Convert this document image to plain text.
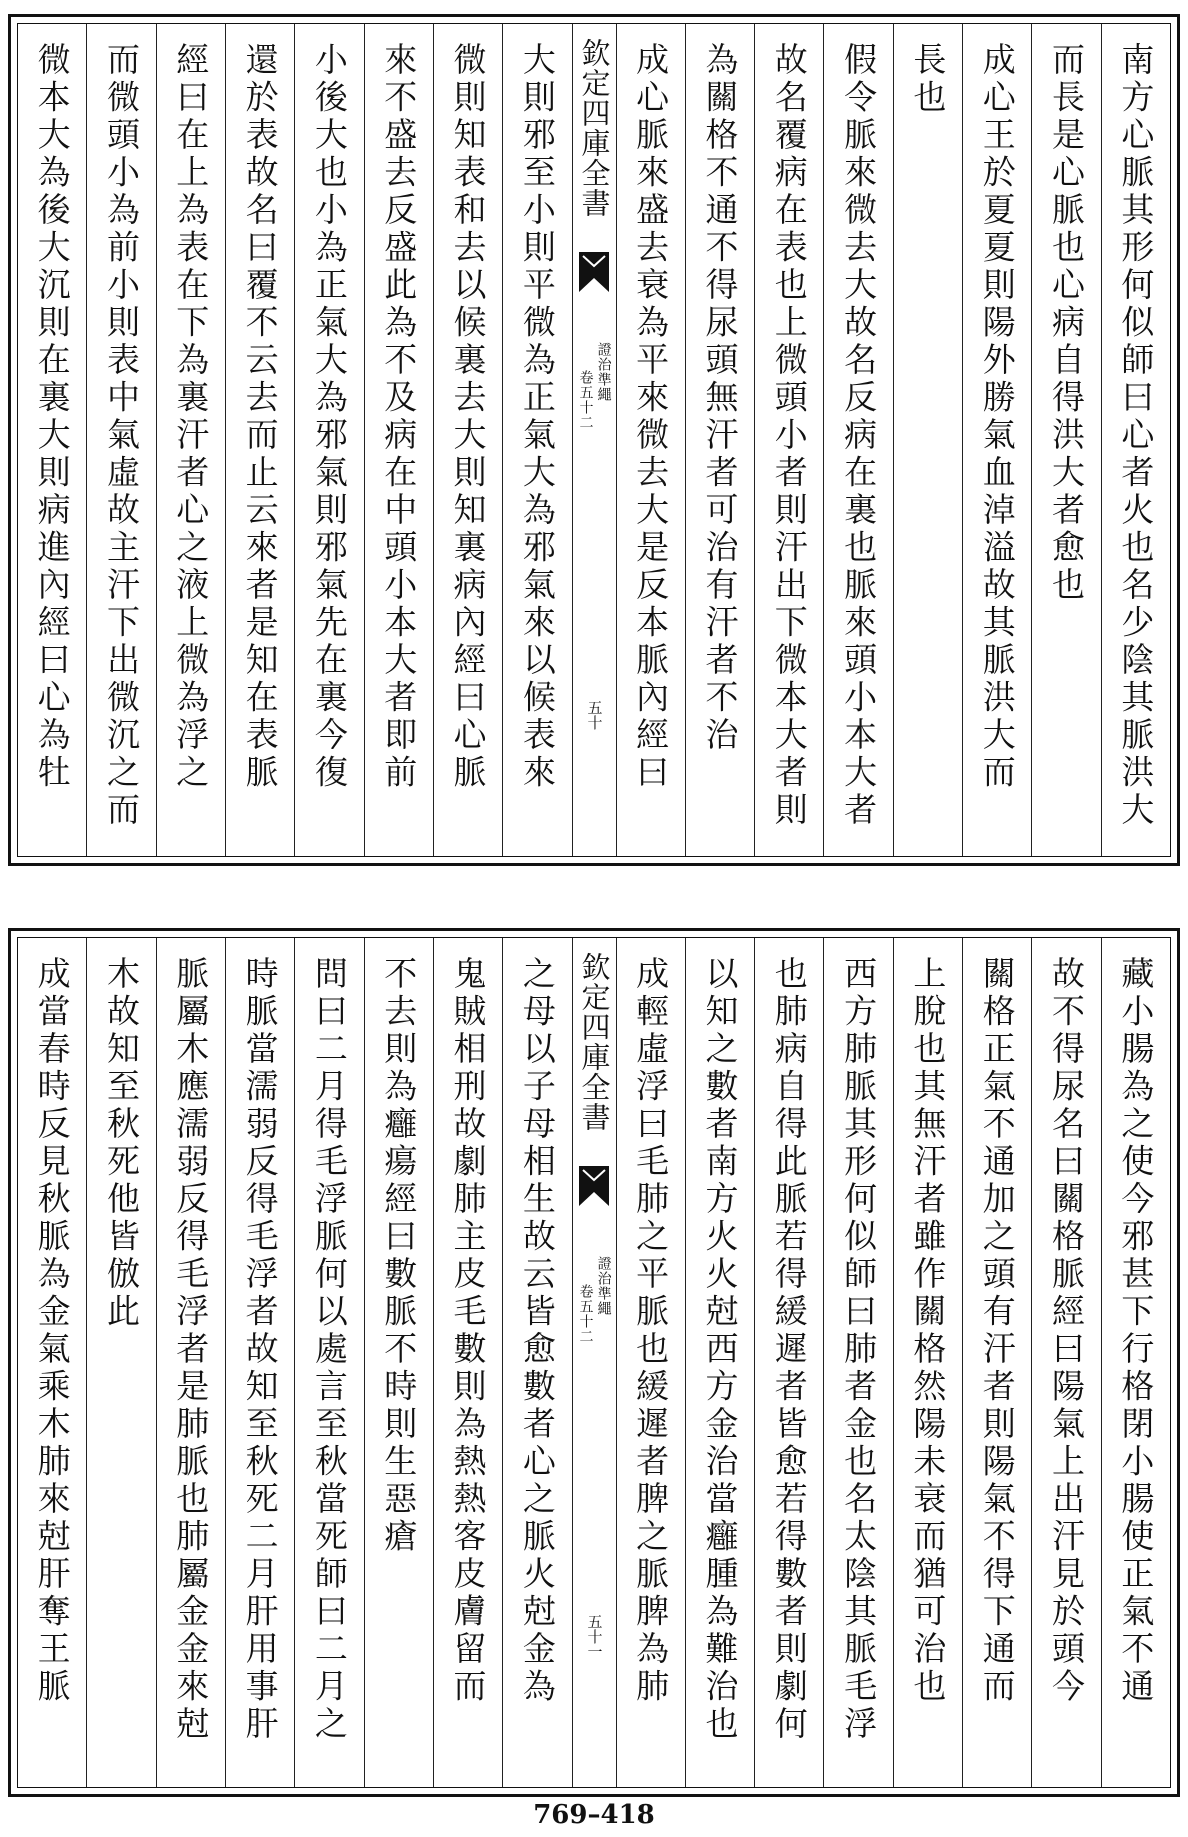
南方心脈其形何似師曰心者火也名少陰其脈洪大
而長是心脈也心病自得洪大者愈也
成心王於夏夏則陽外勝氣血淖溢故其脈洪大而
長也
假令脈來微去大故名反病在裏也脈來頭小本大者
故名覆病在表也上微頭小者則汗出下微本大者則
為關格不通不得尿頭無汗者可治有汗者不治
成心脈來盛去衰為平來微去大是反本脈內經曰
欽定四庫全書
證治準繩
卷五十二
五十
大則邪至小則平微為正氣大為邪氣來以候表來
微則知表和去以候裏去大則知裏病內經曰心脈
來不盛去反盛此為不及病在中頭小本大者即前
小後大也小為正氣大為邪氣則邪氣先在裏今復
還於表故名曰覆不云去而止云來者是知在表脈
經曰在上為表在下為裏汗者心之液上微為浮之
而微頭小為前小則表中氣虛故主汗下出微沉之而
微本大為後大沉則在裏大則病進內經曰心為牡
藏小腸為之使今邪甚下行格閉小腸使正氣不通
故不得尿名曰關格脈經曰陽氣上出汗見於頭今
關格正氣不通加之頭有汗者則陽氣不得下通而
上脫也其無汗者雖作關格然陽未衰而猶可治也
西方肺脈其形何似師曰肺者金也名太陰其脈毛浮
也肺病自得此脈若得緩遲者皆愈若得數者則劇何
以知之數者南方火火尅西方金治當癰腫為難治也
成輕虛浮曰毛肺之平脈也緩遲者脾之脈脾為肺
欽定四庫全書
證治準繩
卷五十二
五十一
之母以子母相生故云皆愈數者心之脈火尅金為
鬼賊相刑故劇肺主皮毛數則為熱熱客皮膚留而
不去則為癰瘍經曰數脈不時則生惡瘡
問曰二月得毛浮脈何以處言至秋當死師曰二月之
時脈當濡弱反得毛浮者故知至秋死二月肝用事肝
脈屬木應濡弱反得毛浮者是肺脈也肺屬金金來尅
木故知至秋死他皆倣此
成當春時反見秋脈為金氣乘木肺來尅肝奪王脈
769–418
